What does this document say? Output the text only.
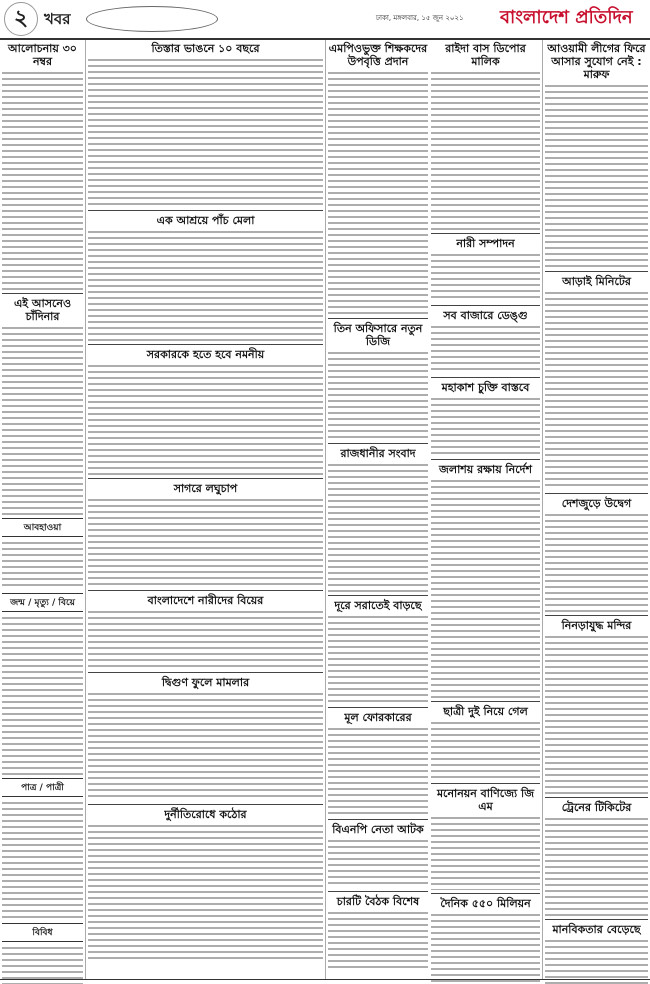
২	খবর	ঢাকা, মঙ্গলবার, ১৫ জুন ২০২১ বাংলাদেশ প্রতিদিন
আলোচনায় ৩০ নম্বর
এই আসনেও চাঁদিনার
আবহাওয়া
জন্ম / মৃত্যু / বিয়ে
পাত্র / পাত্রী
বিবিধ
তিস্তার ভাঙনে ১০ বছরে
এক আশ্রয়ে পাঁচ মেলা
সরকারকে হতে হবে নমনীয়
সাগরে লঘুচাপ
বাংলাদেশে নারীদের বিয়ের
দ্বিগুণ ফুলে মামলার
দুর্নীতিরোধে কঠোর
এমপিওভুক্ত শিক্ষকদের উপবৃত্তি প্রদান
তিন অফিসারে নতুন ডিজি
রাজধানীর সংবাদ
দূরে সরাতেই বাড়ছে
মূল ফোরকারের
বিএনপি নেতা আটক
চারটি বৈঠক বিশেষ
রাইদা বাস ডিপোর মালিক
নারী সম্পাদন
সব বাজারে ডেঙ্গু
মহাকাশ চুক্তি বাস্তবে
জলাশয় রক্ষায় নির্দেশ
ছাত্রী দুই নিয়ে গেল
মনোনয়ন বাণিজ্যে জি এম
দৈনিক ৫৫০ মিলিয়ন
আওয়ামী লীগের ফিরে আসার সুযোগ নেই : মারুফ
আড়াই মিনিটের
দেশজুড়ে উদ্বেগ
নিনড়াযুদ্ধ মন্দির
ট্রেনের টিকিটের
মানবিকতার বেড়েছে
